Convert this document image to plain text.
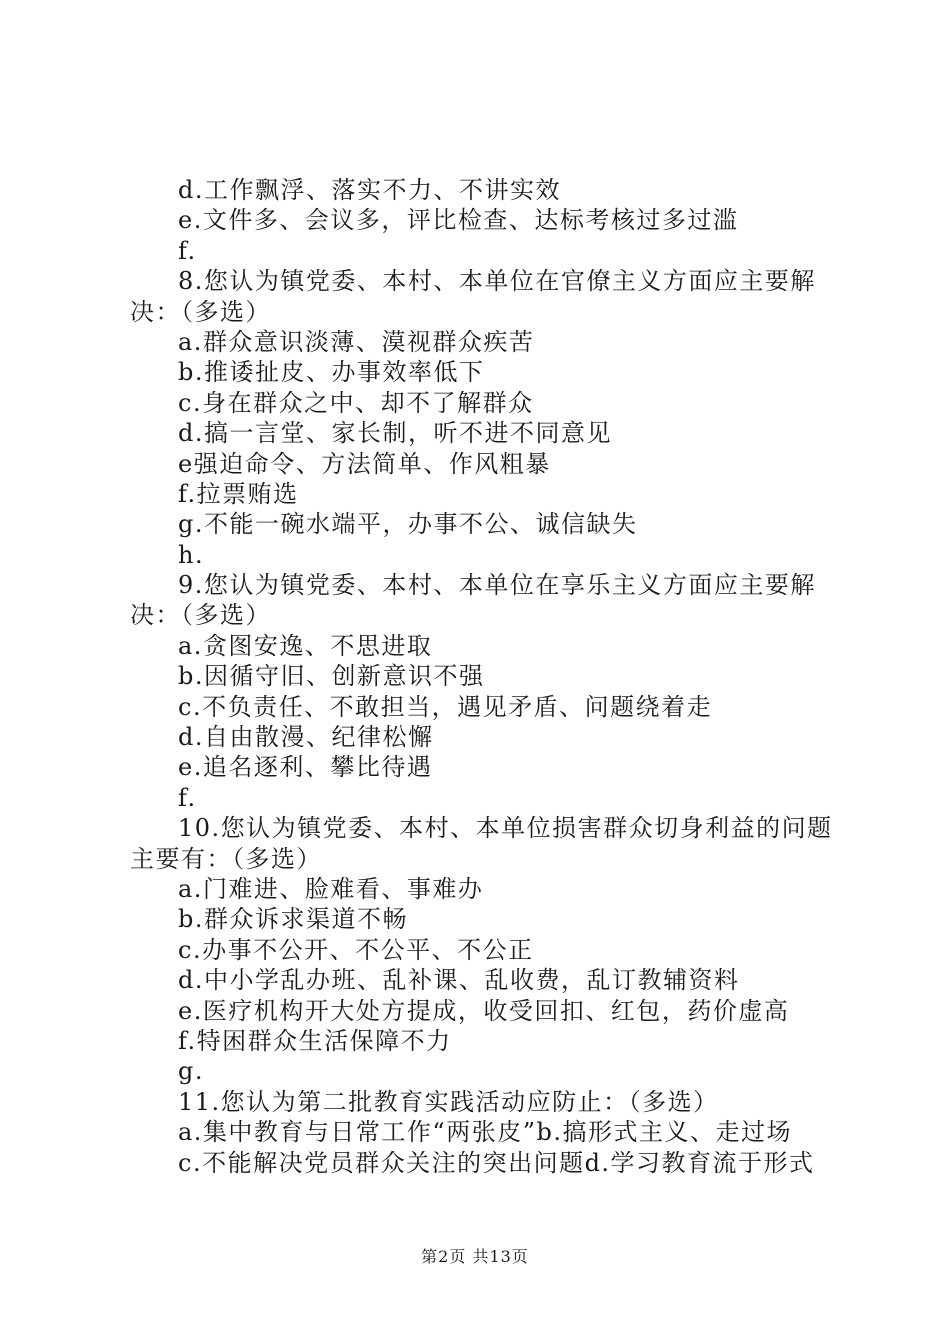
d.工作飘浮、落实不力、不讲实效
e.文件多、会议多，评比检查、达标考核过多过滥
f.
8.您认为镇党委、本村、本单位在官僚主义方面应主要解
决：（多选）
a.群众意识淡薄、漠视群众疾苦
b.推诿扯皮、办事效率低下
c.身在群众之中、却不了解群众
d.搞一言堂、家长制，听不进不同意见
e强迫命令、方法简单、作风粗暴
f.拉票贿选
g.不能一碗水端平，办事不公、诚信缺失
h.
9.您认为镇党委、本村、本单位在享乐主义方面应主要解
决：（多选）
a.贪图安逸、不思进取
b.因循守旧、创新意识不强
c.不负责任、不敢担当，遇见矛盾、问题绕着走
d.自由散漫、纪律松懈
e.追名逐利、攀比待遇
f.
10.您认为镇党委、本村、本单位损害群众切身利益的问题
主要有：（多选）
a.门难进、脸难看、事难办
b.群众诉求渠道不畅
c.办事不公开、不公平、不公正
d.中小学乱办班、乱补课、乱收费，乱订教辅资料
e.医疗机构开大处方提成，收受回扣、红包，药价虚高
f.特困群众生活保障不力
g.
11.您认为第二批教育实践活动应防止：（多选）
a.集中教育与日常工作“两张皮”b.搞形式主义、走过场
c.不能解决党员群众关注的突出问题d.学习教育流于形式
第2页 共13页
